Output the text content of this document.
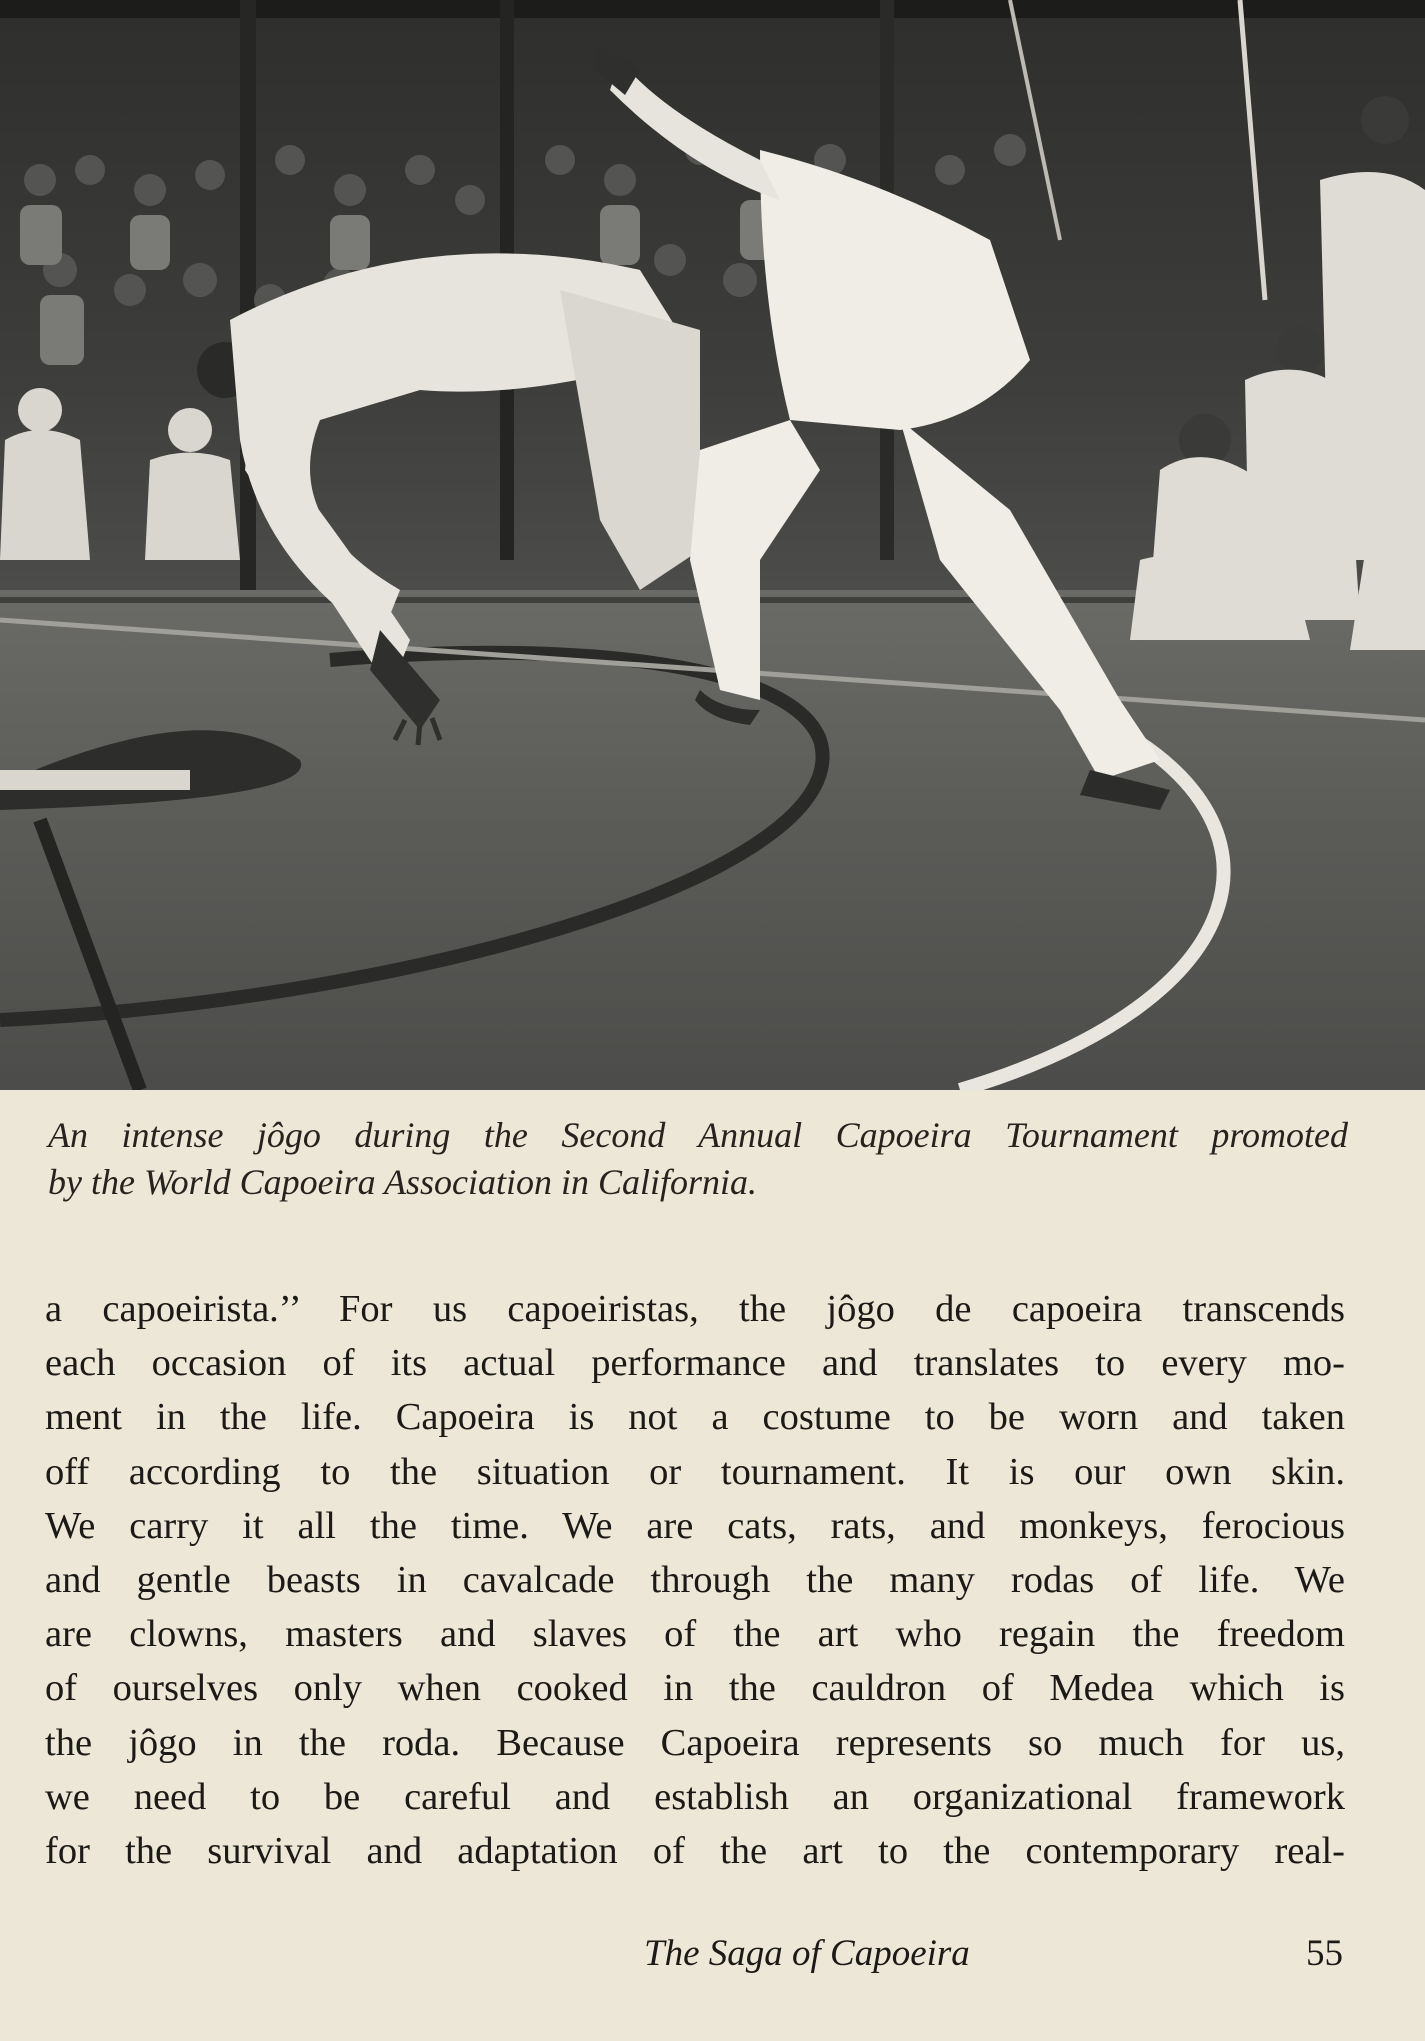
An intense jôgo during the Second Annual Capoeira Tournament promoted
by the World Capoeira Association in California.
a capoeirista.’’ For us capoeiristas, the jôgo de capoeira transcends
each occasion of its actual performance and translates to every mo-
ment in the life. Capoeira is not a costume to be worn and taken
off according to the situation or tournament. It is our own skin.
We carry it all the time. We are cats, rats, and monkeys, ferocious
and gentle beasts in cavalcade through the many rodas of life. We
are clowns, masters and slaves of the art who regain the freedom
of ourselves only when cooked in the cauldron of Medea which is
the jôgo in the roda. Because Capoeira represents so much for us,
we need to be careful and establish an organizational framework
for the survival and adaptation of the art to the contemporary real-
The Saga of Capoeira	55
